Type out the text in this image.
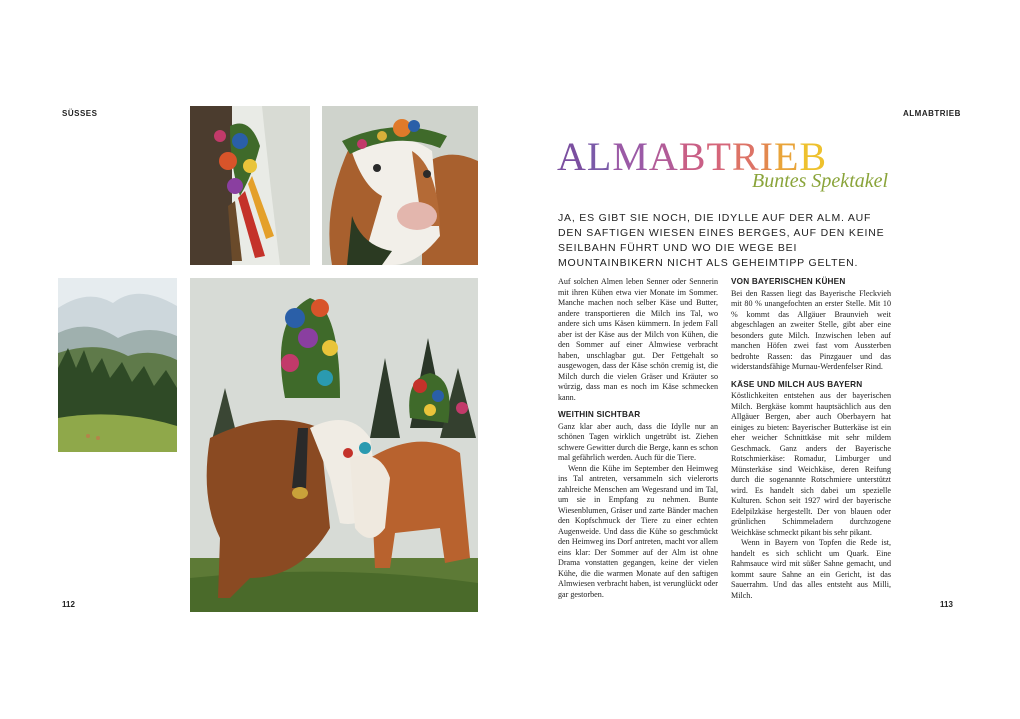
SÜSSES	ALMABTRIEB
112	113
ALMABTRIEB
Buntes Spektakel
JA, ES GIBT SIE NOCH, DIE IDYLLE AUF DER ALM. AUF DEN SAFTIGEN WIESEN EINES BERGES, AUF DEN KEINE SEILBAHN FÜHRT UND WO DIE WEGE BEI MOUNTAINBIKERN NICHT ALS GEHEIMTIPP GELTEN.

Auf solchen Almen leben Senner oder Sennerin mit ihren Kühen etwa vier Monate im Sommer. Manche machen noch selber Käse und Butter, andere transportieren die Milch ins Tal, wo andere sich ums Käsen kümmern. In jedem Fall aber ist der Käse aus der Milch von Kühen, die den Sommer auf einer Almwiese verbracht haben, unschlagbar gut. Der Fettgehalt so ausgewogen, dass der Käse schön cremig ist, die Milch durch die vielen Gräser und Kräuter so würzig, dass man es noch im Käse schmecken kann.

WEITHIN SICHTBAR

Ganz klar aber auch, dass die Idylle nur an schönen Tagen wirklich ungetrübt ist. Ziehen schwere Gewitter durch die Berge, kann es schon mal gefährlich werden. Auch für die Tiere.

Wenn die Kühe im September den Heimweg ins Tal antreten, versammeln sich vielerorts zahlreiche Menschen am Wegesrand und im Tal, um sie in Empfang zu nehmen. Bunte Wiesenblumen, Gräser und zarte Bänder machen den Kopfschmuck der Tiere zu einer echten Augenweide. Und dass die Kühe so geschmückt den Heimweg ins Dorf antreten, macht vor allem eins klar: Der Sommer auf der Alm ist ohne Drama vonstatten gegangen, keine der vielen Kühe, die die warmen Monate auf den saftigen Almwiesen verbracht haben, ist verunglückt oder gar gestorben.

VON BAYERISCHEN KÜHEN

Bei den Rassen liegt das Bayerische Fleckvieh mit 80 % unangefochten an erster Stelle. Mit 10 % kommt das Allgäuer Braunvieh weit abgeschlagen an zweiter Stelle, gibt aber eine besonders gute Milch. Inzwischen leben auf manchen Höfen zwei fast vom Aussterben bedrohte Rassen: das Pinzgauer und das widerstandsfähige Murnau-Werdenfelser Rind.

KÄSE UND MILCH AUS BAYERN

Köstlichkeiten entstehen aus der bayerischen Milch. Bergkäse kommt hauptsächlich aus den Allgäuer Bergen, aber auch Oberbayern hat einiges zu bieten: Bayerischer Butterkäse ist ein eher weicher Schnittkäse mit sehr mildem Geschmack. Ganz anders der Bayerische Rotschmierkäse: Romadur, Limburger und Münsterkäse sind Weichkäse, deren Reifung durch die sogenannte Rotschmiere unterstützt wird. Es handelt sich dabei um spezielle Kulturen. Schon seit 1927 wird der bayerische Edelpilzkäse hergestellt. Der von blauen oder grünlichen Schimmeladern durchzogene Weichkäse schmeckt pikant bis sehr pikant.

Wenn in Bayern von Topfen die Rede ist, handelt es sich schlicht um Quark. Eine Rahmsauce wird mit süßer Sahne gemacht, und kommt saure Sahne an ein Gericht, ist das Sauerrahm. Und das alles entsteht aus Milli, Milch.
